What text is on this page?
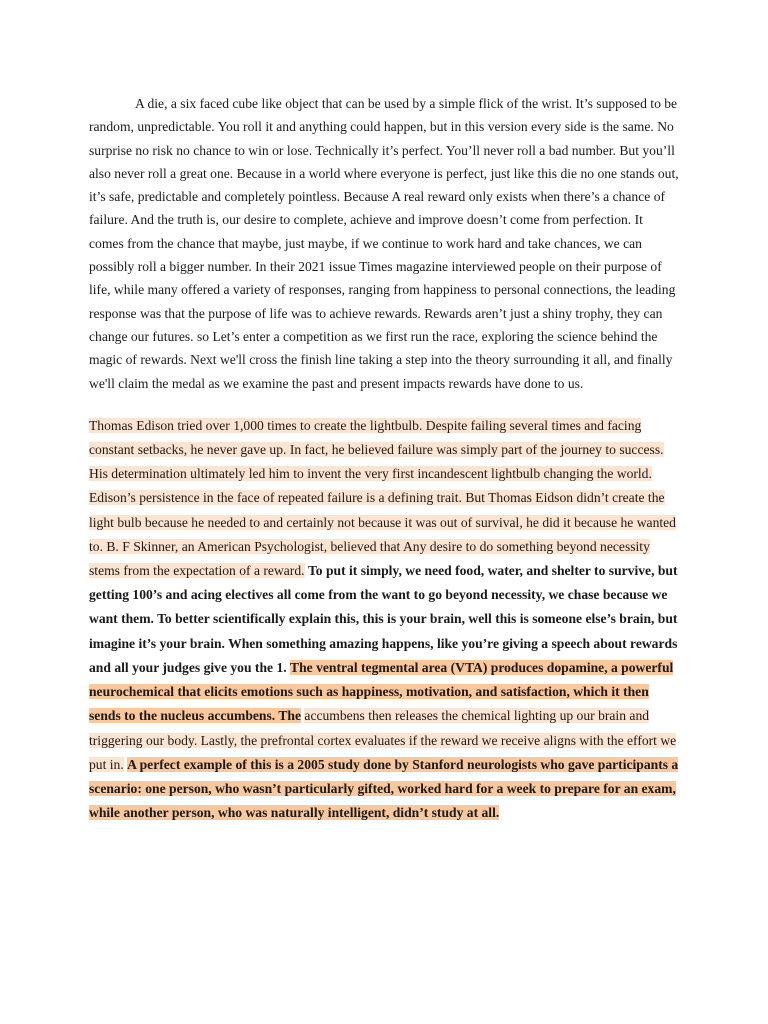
A die, a six faced cube like object that can be used by a simple flick of the wrist. It’s supposed to be random, unpredictable. You roll it and anything could happen, but in this version every side is the same. No surprise no risk no chance to win or lose. Technically it’s perfect. You’ll never roll a bad number. But you’ll also never roll a great one. Because in a world where everyone is perfect, just like this die no one stands out, it’s safe, predictable and completely pointless. Because A real reward only exists when there’s a chance of failure. And the truth is, our desire to complete, achieve and improve doesn’t come from perfection. It comes from the chance that maybe, just maybe, if we continue to work hard and take chances, we can possibly roll a bigger number. In their 2021 issue Times magazine interviewed people on their purpose of life, while many offered a variety of responses, ranging from happiness to personal connections, the leading response was that the purpose of life was to achieve rewards. Rewards aren’t just a shiny trophy, they can change our futures. so Let’s enter a competition as we first run the race, exploring the science behind the magic of rewards. Next we'll cross the finish line taking a step into the theory surrounding it all, and finally we'll claim the medal as we examine the past and present impacts rewards have done to us.

Thomas Edison tried over 1,000 times to create the lightbulb. Despite failing several times and facing constant setbacks, he never gave up. In fact, he believed failure was simply part of the journey to success. His determination ultimately led him to invent the very first incandescent lightbulb changing the world. Edison’s persistence in the face of repeated failure is a defining trait. But Thomas Eidson didn’t create the light bulb because he needed to and certainly not because it was out of survival, he did it because he wanted to. B. F Skinner, an American Psychologist, believed that Any desire to do something beyond necessity stems from the expectation of a reward. To put it simply, we need food, water, and shelter to survive, but getting 100’s and acing electives all come from the want to go beyond necessity, we chase because we want them. To better scientifically explain this, this is your brain, well this is someone else’s brain, but imagine it’s your brain. When something amazing happens, like you’re giving a speech about rewards and all your judges give you the 1. The ventral tegmental area (VTA) produces dopamine, a powerful neurochemical that elicits emotions such as happiness, motivation, and satisfaction, which it then sends to the nucleus accumbens. The accumbens then releases the chemical lighting up our brain and triggering our body. Lastly, the prefrontal cortex evaluates if the reward we receive aligns with the effort we put in. A perfect example of this is a 2005 study done by Stanford neurologists who gave participants a scenario: one person, who wasn’t particularly gifted, worked hard for a week to prepare for an exam, while another person, who was naturally intelligent, didn’t study at all.
